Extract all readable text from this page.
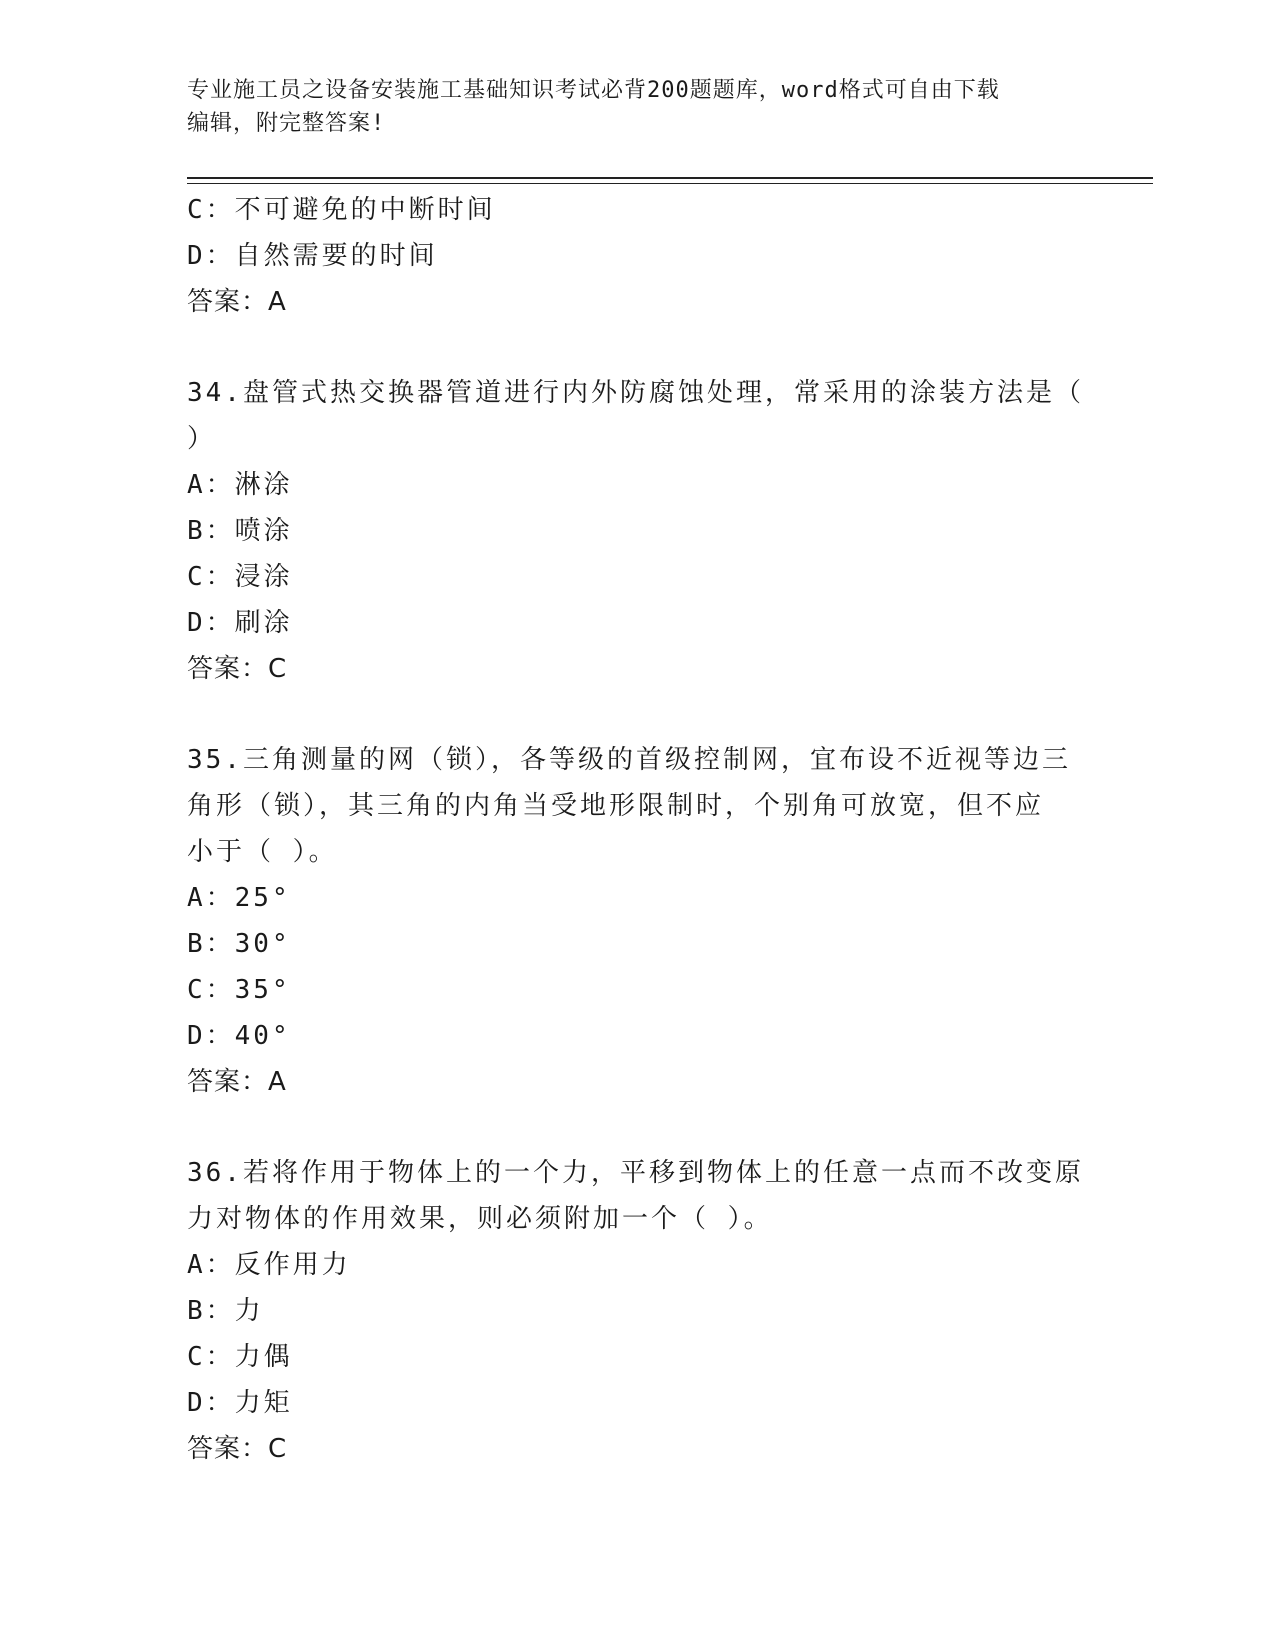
专业施工员之设备安装施工基础知识考试必背200题题库，word格式可自由下载
编辑，附完整答案!
C：不可避免的中断时间
D：自然需要的时间
答案：A
34.盘管式热交换器管道进行内外防腐蚀处理，常采用的涂装方法是（
）
A：淋涂
B：喷涂
C：浸涂
D：刷涂
答案：C
35.三角测量的网（锁），各等级的首级控制网，宜布设不近视等边三
角形（锁），其三角的内角当受地形限制时，个别角可放宽，但不应
小于（ ）。
A：25°
B：30°
C：35°
D：40°
答案：A
36.若将作用于物体上的一个力，平移到物体上的任意一点而不改变原
力对物体的作用效果，则必须附加一个（ ）。
A：反作用力
B：力
C：力偶
D：力矩
答案：C
